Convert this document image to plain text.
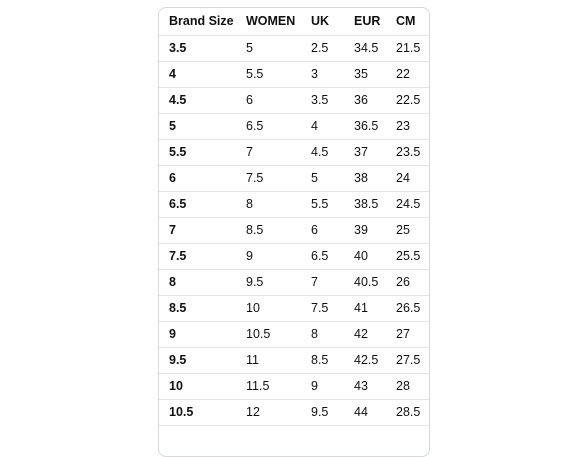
Brand Size	WOMEN	UK	EUR	CM
3.5	5	2.5	34.5	21.5
4	5.5	3	35	22
4.5	6	3.5	36	22.5
5	6.5	4	36.5	23
5.5	7	4.5	37	23.5
6	7.5	5	38	24
6.5	8	5.5	38.5	24.5
7	8.5	6	39	25
7.5	9	6.5	40	25.5
8	9.5	7	40.5	26
8.5	10	7.5	41	26.5
9	10.5	8	42	27
9.5	11	8.5	42.5	27.5
10	11.5	9	43	28
10.5	12	9.5	44	28.5
